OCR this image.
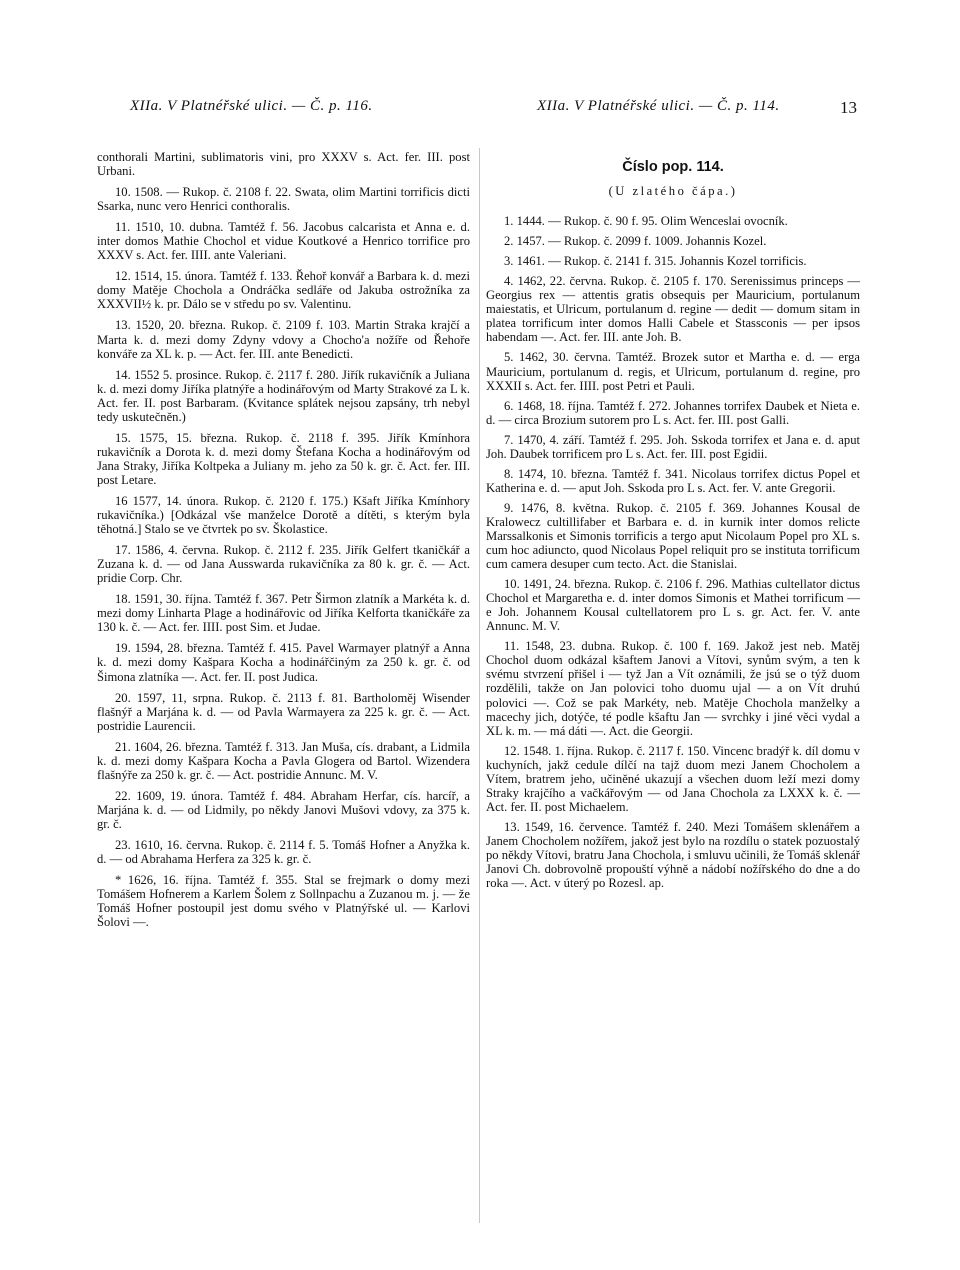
XIIa. V Platnéřské ulici. — Č. p. 116.	XIIa. V Platnéřské ulici. — Č. p. 114.	13

conthorali Martini, sublimatoris vini, pro XXXV s. Act. fer. III. post Urbani.

10. 1508. — Rukop. č. 2108 f. 22. Swata, olim Martini torrificis dicti Ssarka, nunc vero Henrici conthoralis.

11. 1510, 10. dubna. Tamtéž f. 56. Jacobus calcarista et Anna e. d. inter domos Mathie Chochol et vidue Koutkové a Henrico torrifice pro XXXV s. Act. fer. IIII. ante Valeriani.

12. 1514, 15. února. Tamtéž f. 133. Řehoř konvář a Barbara k. d. mezi domy Matěje Chochola a Ondráčka sedláře od Jakuba ostrožníka za XXXVII½ k. pr. Dálo se v středu po sv. Valentinu.

13. 1520, 20. března. Rukop. č. 2109 f. 103. Martin Straka krajčí a Marta k. d. mezi domy Zdyny vdovy a Chocho'a nožíře od Řehoře konváře za XL k. p. — Act. fer. III. ante Benedicti.

14. 1552 5. prosince. Rukop. č. 2117 f. 280. Jiřík rukavičník a Juliana k. d. mezi domy Jiříka platnýře a hodinářovým od Marty Strakové za L k. Act. fer. II. post Barbaram. (Kvitance splátek nejsou zapsány, trh nebyl tedy uskutečněn.)

15. 1575, 15. března. Rukop. č. 2118 f. 395. Jiřík Kmínhora rukavičník a Dorota k. d. mezi domy Štefana Kocha a hodinářovým od Jana Straky, Jiříka Koltpeka a Juliany m. jeho za 50 k. gr. č. Act. fer. III. post Letare.

16 1577, 14. února. Rukop. č. 2120 f. 175.) Kšaft Jiříka Kmínhory rukavičníka.) [Odkázal vše manželce Dorotě a dítěti, s kterým byla těhotná.] Stalo se ve čtvrtek po sv. Školastice.

17. 1586, 4. června. Rukop. č. 2112 f. 235. Jiřík Gelfert tkaničkář a Zuzana k. d. — od Jana Ausswarda rukavičníka za 80 k. gr. č. — Act. pridie Corp. Chr.

18. 1591, 30. října. Tamtéž f. 367. Petr Širmon zlatník a Markéta k. d. mezi domy Linharta Plage a hodinářovic od Jiříka Kelforta tkaničkáře za 130 k. č. — Act. fer. IIII. post Sim. et Judae.

19. 1594, 28. března. Tamtéž f. 415. Pavel Warmayer platnýř a Anna k. d. mezi domy Kašpara Kocha a hodinářčiným za 250 k. gr. č. od Šimona zlatníka —. Act. fer. II. post Judica.

20. 1597, 11, srpna. Rukop. č. 2113 f. 81. Bartholoměj Wisender flašnýř a Marjána k. d. — od Pavla Warmayera za 225 k. gr. č. — Act. postridie Laurencii.

21. 1604, 26. března. Tamtéž f. 313. Jan Muša, cís. drabant, a Lidmila k. d. mezi domy Kašpara Kocha a Pavla Glogera od Bartol. Wizendera flašnýře za 250 k. gr. č. — Act. postridie Annunc. M. V.

22. 1609, 19. února. Tamtéž f. 484. Abraham Herfar, cís. harcíř, a Marjána k. d. — od Lidmily, po někdy Janovi Mušovi vdovy, za 375 k. gr. č.

23. 1610, 16. června. Rukop. č. 2114 f. 5. Tomáš Hofner a Anyžka k. d. — od Abrahama Herfera za 325 k. gr. č.

* 1626, 16. října. Tamtéž f. 355. Stal se frejmark o domy mezi Tomášem Hofnerem a Karlem Šolem z Sollnpachu a Zuzanou m. j. — že Tomáš Hofner postoupil jest domu svého v Platnýřské ul. — Karlovi Šolovi —.

Číslo pop. 114.
(U zlatého čápa.)

1. 1444. — Rukop. č. 90 f. 95. Olim Wenceslai ovocník.

2. 1457. — Rukop. č. 2099 f. 1009. Johannis Kozel.

3. 1461. — Rukop. č. 2141 f. 315. Johannis Kozel torrificis.

4. 1462, 22. června. Rukop. č. 2105 f. 170. Serenissimus princeps — Georgius rex — attentis gratis obsequis per Mauricium, portulanum maiestatis, et Ulricum, portulanum d. regine — dedit — domum sitam in platea torrificum inter domos Halli Cabele et Stassconis — per ipsos habendam —. Act. fer. III. ante Joh. B.

5. 1462, 30. června. Tamtéž. Brozek sutor et Martha e. d. — erga Mauricium, portulanum d. regis, et Ulricum, portulanum d. regine, pro XXXII s. Act. fer. IIII. post Petri et Pauli.

6. 1468, 18. října. Tamtéž f. 272. Johannes torrifex Daubek et Nieta e. d. — circa Brozium sutorem pro L s. Act. fer. III. post Galli.

7. 1470, 4. září. Tamtéž f. 295. Joh. Sskoda torrifex et Jana e. d. aput Joh. Daubek torrificem pro L s. Act. fer. III. post Egidii.

8. 1474, 10. března. Tamtéž f. 341. Nicolaus torrifex dictus Popel et Katherina e. d. — aput Joh. Sskoda pro L s. Act. fer. V. ante Gregorii.

9. 1476, 8. května. Rukop. č. 2105 f. 369. Johannes Kousal de Kralowecz cultillifaber et Barbara e. d. in kurnik inter domos relicte Marssalkonis et Simonis torrificis a tergo aput Nicolaum Popel pro XL s. cum hoc adiuncto, quod Nicolaus Popel reliquit pro se instituta torrificum cum camera desuper cum tecto. Act. die Stanislai.

10. 1491, 24. března. Rukop. č. 2106 f. 296. Mathias cultellator dictus Chochol et Margaretha e. d. inter domos Simonis et Mathei torrificum — e Joh. Johannem Kousal cultellatorem pro L s. gr. Act. fer. V. ante Annunc. M. V.

11. 1548, 23. dubna. Rukop. č. 100 f. 169. Jakož jest neb. Matěj Chochol duom odkázal kšaftem Janovi a Vítovi, synům svým, a ten k svému stvrzení přišel i — tyž Jan a Vít oznámili, že jsú se o týž duom rozdělili, takže on Jan polovici toho duomu ujal — a on Vít druhú polovici —. Což se pak Markéty, neb. Matěje Chochola manželky a macechy jich, dotýče, té podle kšaftu Jan — svrchky i jiné věci vydal a XL k. m. — má dáti —. Act. die Georgii.

12. 1548. 1. října. Rukop. č. 2117 f. 150. Vincenc bradýř k. díl domu v kuchyních, jakž cedule dílčí na tajž duom mezi Janem Chocholem a Vítem, bratrem jeho, učiněné ukazují a všechen duom leží mezi domy Straky krajčího a vačkářovým — od Jana Chochola za LXXX k. č. — Act. fer. II. post Michaelem.

13. 1549, 16. července. Tamtéž f. 240. Mezi Tomášem sklenářem a Janem Chocholem nožířem, jakož jest bylo na rozdílu o statek pozuostalý po někdy Vítovi, bratru Jana Chochola, i smluvu učinili, že Tomáš sklenář Janovi Ch. dobrovolně propouští výhně a nádobí nožířského do dne a do roka —. Act. v úterý po Rozesl. ap.
